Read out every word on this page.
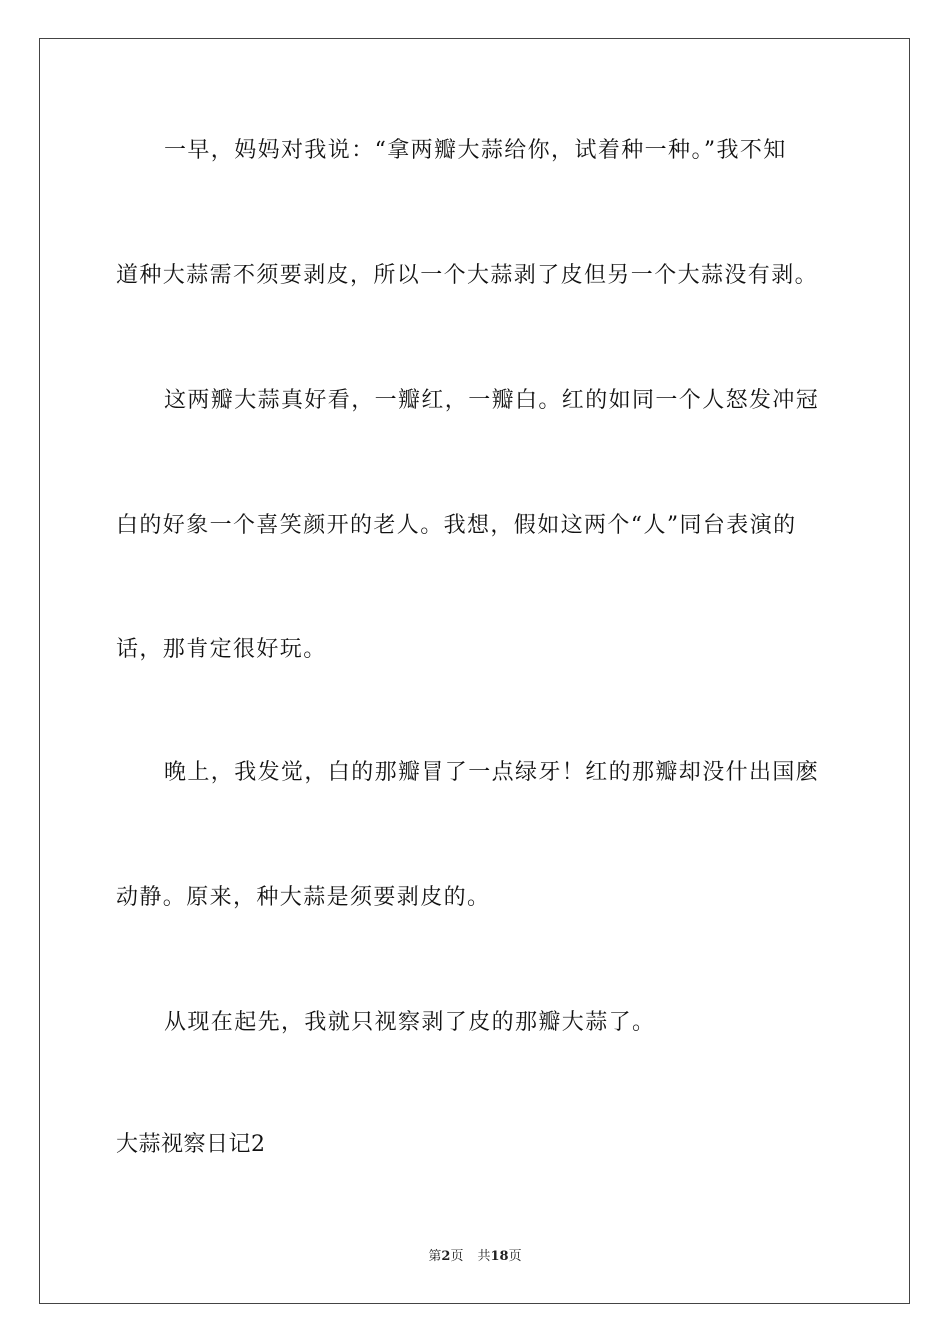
一早，妈妈对我说：“拿两瓣大蒜给你，试着种一种。”我不知
道种大蒜需不须要剥皮，所以一个大蒜剥了皮但另一个大蒜没有剥。
这两瓣大蒜真好看，一瓣红，一瓣白。红的如同一个人怒发冲冠
白的好象一个喜笑颜开的老人。我想，假如这两个“人”同台表演的
话，那肯定很好玩。
晚上，我发觉，白的那瓣冒了一点绿牙！红的那瓣却没什出国麽
动静。原来，种大蒜是须要剥皮的。
从现在起先，我就只视察剥了皮的那瓣大蒜了。
大蒜视察日记2
第2页 共18页
